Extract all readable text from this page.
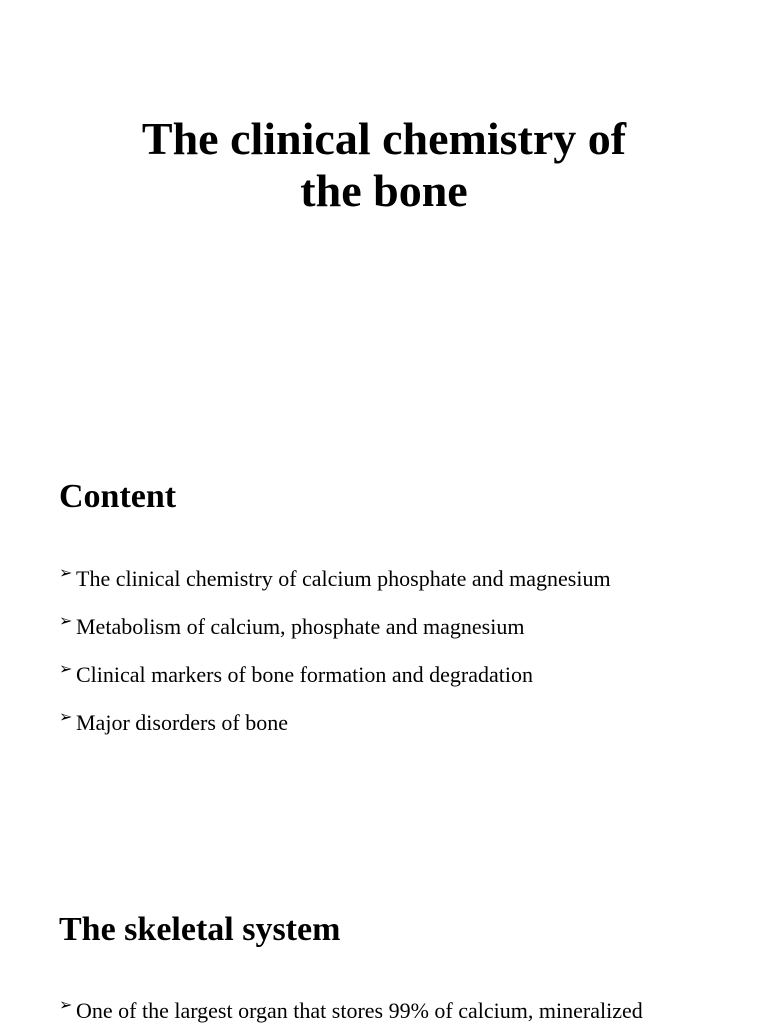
The clinical chemistry of
the bone
Content
➢ The clinical chemistry of calcium phosphate and magnesium
➢ Metabolism of calcium, phosphate and magnesium
➢ Clinical markers of bone formation and degradation
➢ Major disorders of bone
The skeletal system
➢ One of the largest organ that stores 99% of calcium, mineralized
